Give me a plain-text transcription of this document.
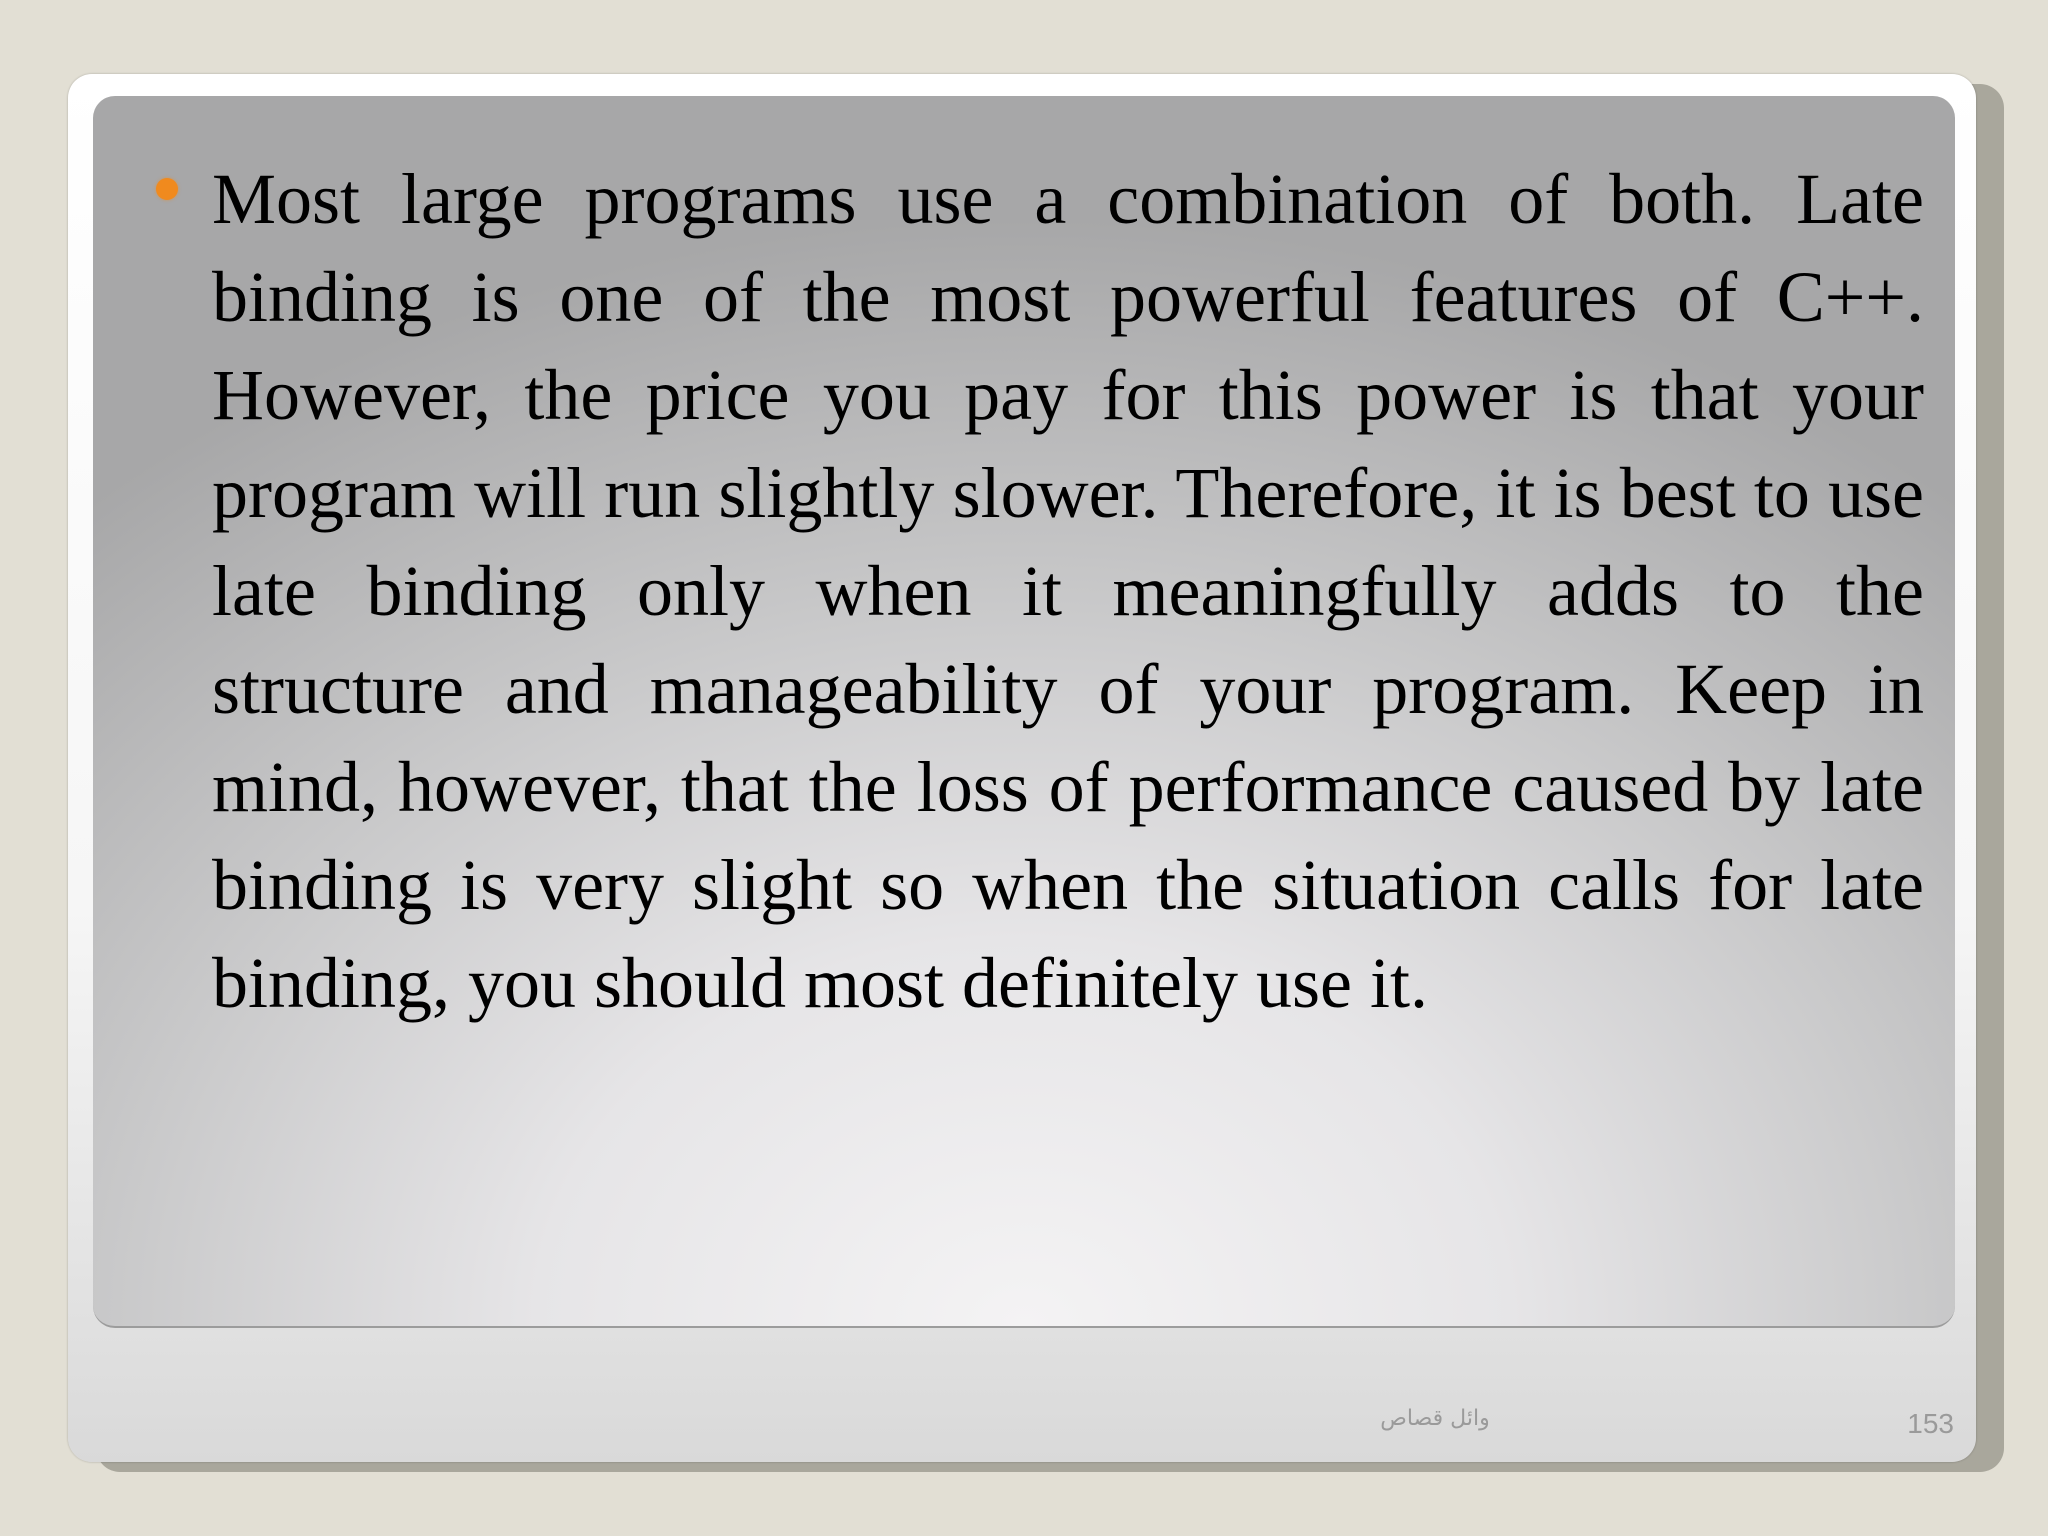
Most large programs use a combination of both. Late binding is one of the most powerful features of C++. However, the price you pay for this power is that your program will run slightly slower. Therefore, it is best to use late binding only when it meaningfully adds to the structure and manageability of your program. Keep in mind, however, that the loss of performance caused by late binding is very slight so when the situation calls for late binding, you should most definitely use it.

وائل قصاص	153
